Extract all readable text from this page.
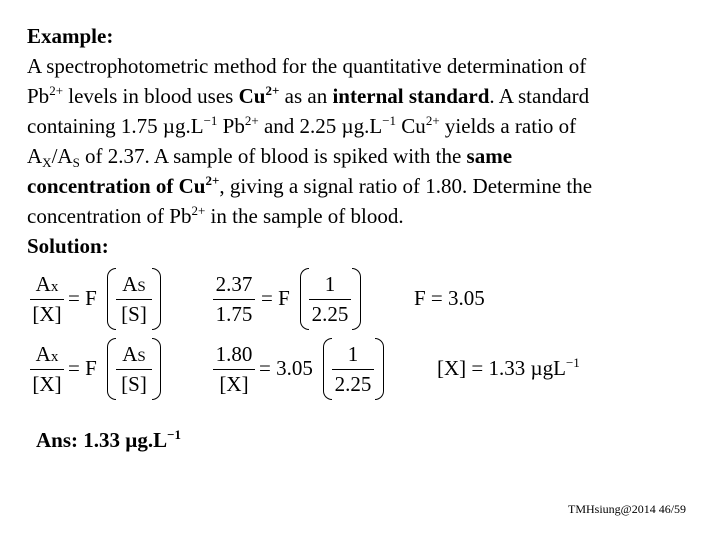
Example:

A spectrophotometric method for the quantitative determination of

$Pb^{2+}$ levels in blood uses $Cu^{2+}$ as an internal standard. A standard

containing 1.75 $\mu g.L^{-1}$ $Pb^{2+}$ and 2.25 $\mu g.L^{-1}$ $Cu^{2+}$ yields a ratio of

$A_X/A_S$ of 2.37. A sample of blood is spiked with the same

concentration of $Cu^{2+}$, giving a signal ratio of 1.80. Determine the

concentration of $Pb^{2+}$ in the sample of blood.

Solution:

Ax
[X]
= F
AS
[S]
2.37
1.75
= F
1
2.25
F = 3.05
Ax
[X]
= F
AS
[S]
1.80
[X]
= 3.05
1
2.25
[X] = 1.33 µgL$^{-1}$
Ans: 1.33 $\mu g.L^{-1}$
TMHsiung@2014 46/59
